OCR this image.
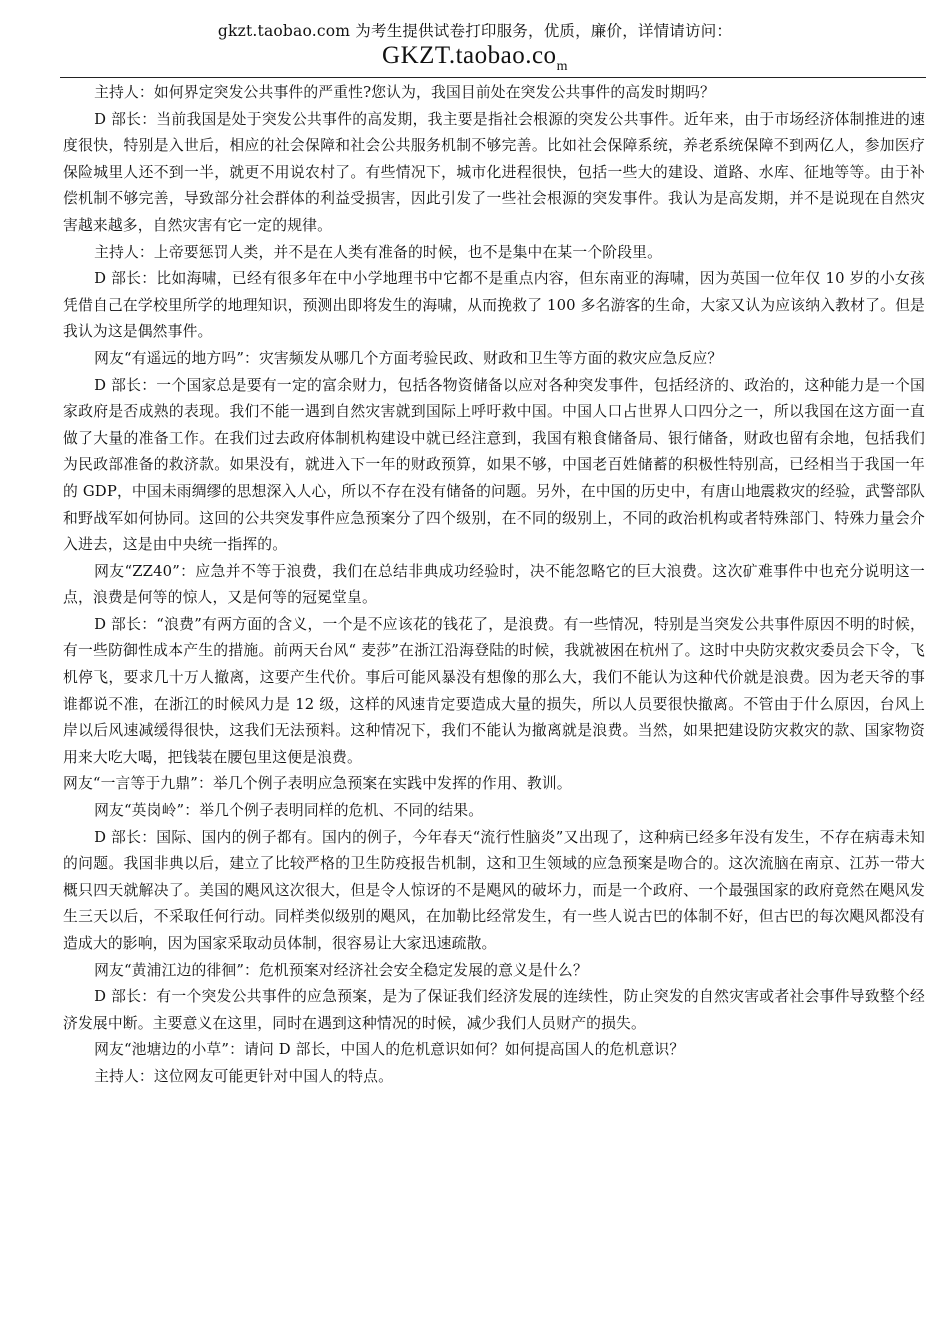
gkzt.taobao.com 为考生提供试卷打印服务，优质，廉价，详情请访问：
$GKZT.taobao.co_m$

主持人：如何界定突发公共事件的严重性?您认为，我国目前处在突发公共事件的高发时期吗？

D 部长：当前我国是处于突发公共事件的高发期，我主要是指社会根源的突发公共事件。近年来，由于市场经济体制推进的速度很快，特别是入世后，相应的社会保障和社会公共服务机制不够完善。比如社会保障系统，养老系统保障不到两亿人，参加医疗保险城里人还不到一半，就更不用说农村了。有些情况下，城市化进程很快，包括一些大的建设、道路、水库、征地等等。由于补偿机制不够完善，导致部分社会群体的利益受损害，因此引发了一些社会根源的突发事件。我认为是高发期，并不是说现在自然灾害越来越多，自然灾害有它一定的规律。

主持人：上帝要惩罚人类，并不是在人类有准备的时候，也不是集中在某一个阶段里。

D 部长：比如海啸，已经有很多年在中小学地理书中它都不是重点内容，但东南亚的海啸，因为英国一位年仅 10 岁的小女孩凭借自己在学校里所学的地理知识，预测出即将发生的海啸，从而挽救了 100 多名游客的生命，大家又认为应该纳入教材了。但是我认为这是偶然事件。

网友“有遥远的地方吗”：灾害频发从哪几个方面考验民政、财政和卫生等方面的救灾应急反应？

D 部长：一个国家总是要有一定的富余财力，包括各物资储备以应对各种突发事件，包括经济的、政治的，这种能力是一个国家政府是否成熟的表现。我们不能一遇到自然灾害就到国际上呼吁救中国。中国人口占世界人口四分之一，所以我国在这方面一直做了大量的准备工作。在我们过去政府体制机构建设中就已经注意到，我国有粮食储备局、银行储备，财政也留有余地，包括我们为民政部准备的救济款。如果没有，就进入下一年的财政预算，如果不够，中国老百姓储蓄的积极性特别高，已经相当于我国一年的 GDP，中国未雨绸缪的思想深入人心，所以不存在没有储备的问题。另外，在中国的历史中，有唐山地震救灾的经验，武警部队和野战军如何协同。这回的公共突发事件应急预案分了四个级别，在不同的级别上，不同的政治机构或者特殊部门、特殊力量会介入进去，这是由中央统一指挥的。

网友“ZZ40”：应急并不等于浪费，我们在总结非典成功经验时，决不能忽略它的巨大浪费。这次矿难事件中也充分说明这一点，浪费是何等的惊人，又是何等的冠冕堂皇。

D 部长：“浪费”有两方面的含义，一个是不应该花的钱花了，是浪费。有一些情况，特别是当突发公共事件原因不明的时候，有一些防御性成本产生的措施。前两天台风“ 麦莎”在浙江沿海登陆的时候，我就被困在杭州了。这时中央防灾救灾委员会下令，飞机停飞，要求几十万人撤离，这要产生代价。事后可能风暴没有想像的那么大，我们不能认为这种代价就是浪费。因为老天爷的事谁都说不准，在浙江的时候风力是 12 级，这样的风速肯定要造成大量的损失，所以人员要很快撤离。不管由于什么原因，台风上岸以后风速减缓得很快，这我们无法预料。这种情况下，我们不能认为撤离就是浪费。当然，如果把建设防灾救灾的款、国家物资用来大吃大喝，把钱装在腰包里这便是浪费。

网友“一言等于九鼎”：举几个例子表明应急预案在实践中发挥的作用、教训。

网友“英岗岭”：举几个例子表明同样的危机、不同的结果。

D 部长：国际、国内的例子都有。国内的例子，今年春天“流行性脑炎”又出现了，这种病已经多年没有发生，不存在病毒未知的问题。我国非典以后，建立了比较严格的卫生防疫报告机制，这和卫生领域的应急预案是吻合的。这次流脑在南京、江苏一带大概只四天就解决了。美国的飓风这次很大，但是令人惊讶的不是飓风的破坏力，而是一个政府、一个最强国家的政府竟然在飓风发生三天以后，不采取任何行动。同样类似级别的飓风，在加勒比经常发生，有一些人说古巴的体制不好，但古巴的每次飓风都没有造成大的影响，因为国家采取动员体制，很容易让大家迅速疏散。

网友“黄浦江边的徘徊”：危机预案对经济社会安全稳定发展的意义是什么？

D 部长：有一个突发公共事件的应急预案，是为了保证我们经济发展的连续性，防止突发的自然灾害或者社会事件导致整个经济发展中断。主要意义在这里，同时在遇到这种情况的时候，减少我们人员财产的损失。

网友“池塘边的小草”：请问 D 部长，中国人的危机意识如何？如何提高国人的危机意识？

主持人：这位网友可能更针对中国人的特点。
